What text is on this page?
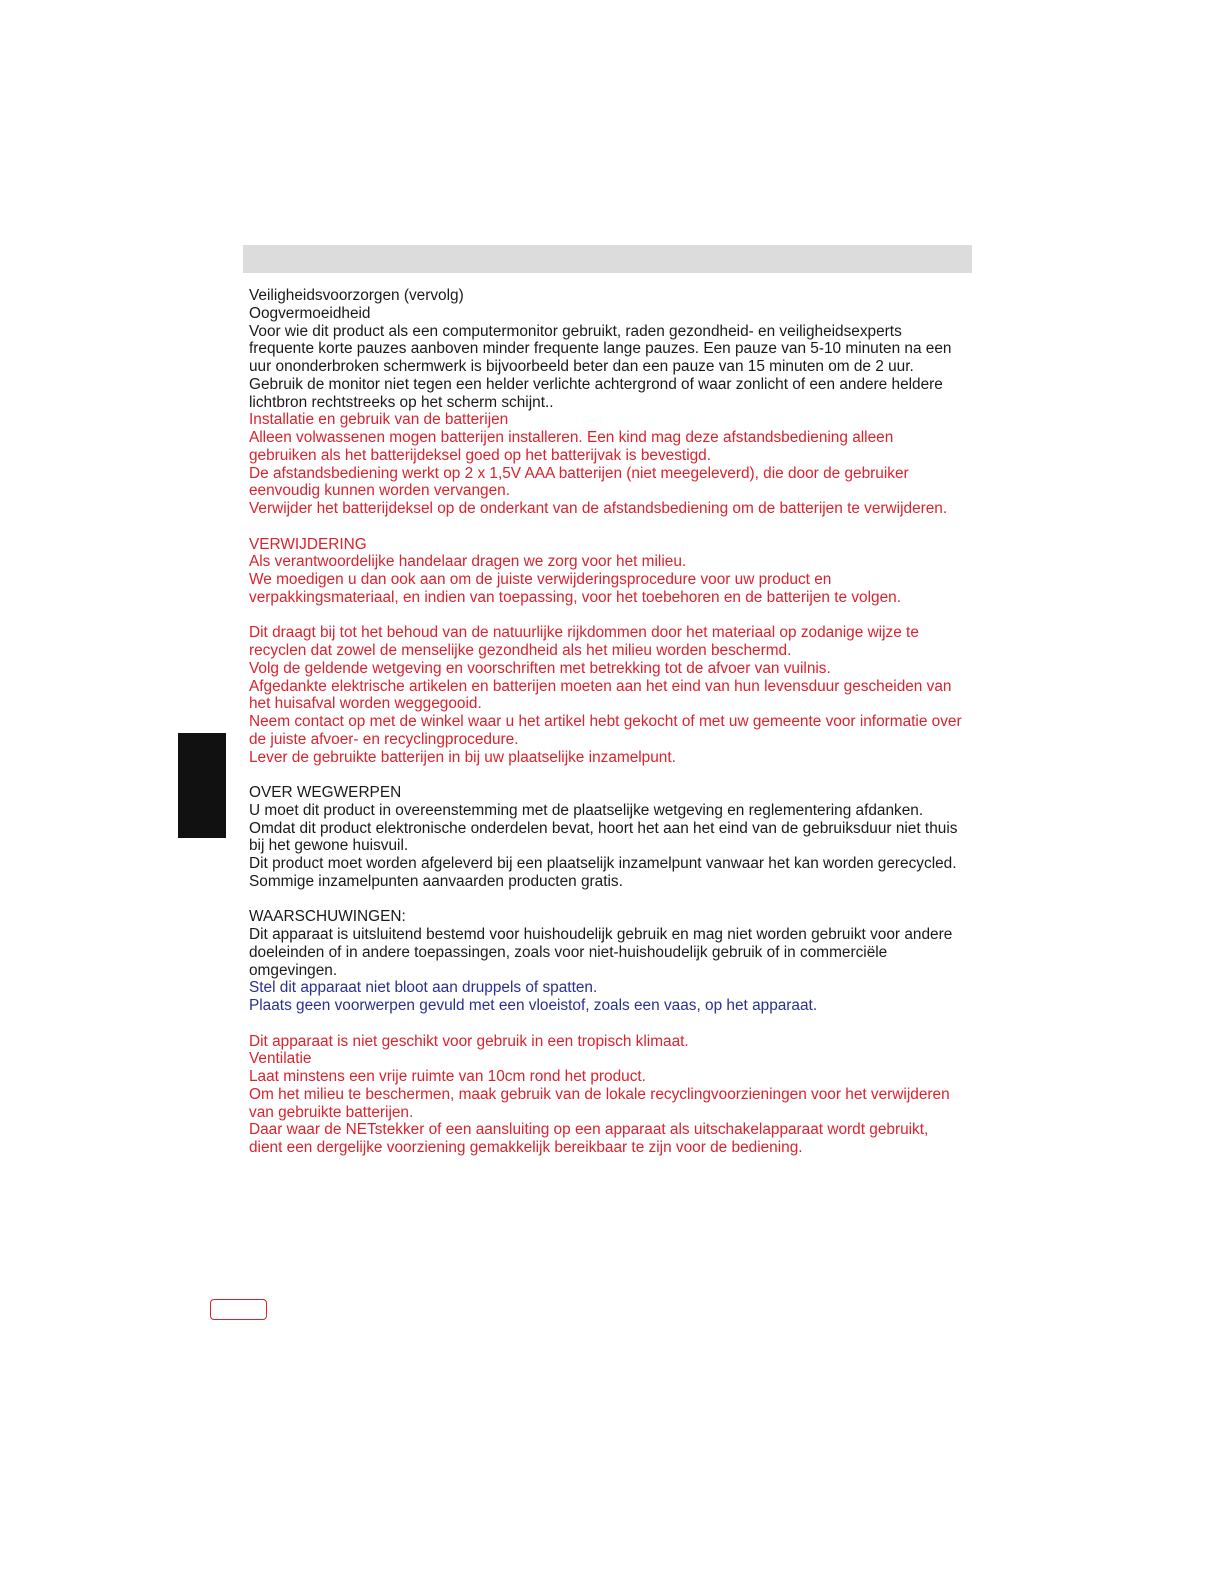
Veiligheidsvoorzorgen (vervolg)

Oogvermoeidheid

Voor wie dit product als een computermonitor gebruikt, raden gezondheid- en veiligheidsexperts frequente korte pauzes aanboven minder frequente lange pauzes. Een pauze van 5-10 minuten na een uur ononderbroken schermwerk is bijvoorbeeld beter dan een pauze van 15 minuten om de 2 uur. Gebruik de monitor niet tegen een helder verlichte achtergrond of waar zonlicht of een andere heldere lichtbron rechtstreeks op het scherm schijnt..

Installatie en gebruik van de batterijen

Alleen volwassenen mogen batterijen installeren. Een kind mag deze afstandsbediening alleen gebruiken als het batterijdeksel goed op het batterijvak is bevestigd.

De afstandsbediening werkt op 2 x 1,5V AAA batterijen (niet meegeleverd), die door de gebruiker eenvoudig kunnen worden vervangen.

Verwijder het batterijdeksel op de onderkant van de afstandsbediening om de batterijen te verwijderen.

VERWIJDERING

Als verantwoordelijke handelaar dragen we zorg voor het milieu.

We moedigen u dan ook aan om de juiste verwijderingsprocedure voor uw product en verpakkingsmateriaal, en indien van toepassing, voor het toebehoren en de batterijen te volgen.

Dit draagt bij tot het behoud van de natuurlijke rijkdommen door het materiaal op zodanige wijze te recyclen dat zowel de menselijke gezondheid als het milieu worden beschermd.

Volg de geldende wetgeving en voorschriften met betrekking tot de afvoer van vuilnis.

Afgedankte elektrische artikelen en batterijen moeten aan het eind van hun levensduur gescheiden van het huisafval worden weggegooid.

Neem contact op met de winkel waar u het artikel hebt gekocht of met uw gemeente voor informatie over de juiste afvoer- en recyclingprocedure.

Lever de gebruikte batterijen in bij uw plaatselijke inzamelpunt.

OVER WEGWERPEN

U moet dit product in overeenstemming met de plaatselijke wetgeving en reglementering afdanken.

Omdat dit product elektronische onderdelen bevat, hoort het aan het eind van de gebruiksduur niet thuis bij het gewone huisvuil.

Dit product moet worden afgeleverd bij een plaatselijk inzamelpunt vanwaar het kan worden gerecycled.

Sommige inzamelpunten aanvaarden producten gratis.

WAARSCHUWINGEN:

Dit apparaat is uitsluitend bestemd voor huishoudelijk gebruik en mag niet worden gebruikt voor andere doeleinden of in andere toepassingen, zoals voor niet-huishoudelijk gebruik of in commerciële omgevingen.

Stel dit apparaat niet bloot aan druppels of spatten.

Plaats geen voorwerpen gevuld met een vloeistof, zoals een vaas, op het apparaat.

Dit apparaat is niet geschikt voor gebruik in een tropisch klimaat.

Ventilatie

Laat minstens een vrije ruimte van 10cm rond het product.

Om het milieu te beschermen, maak gebruik van de lokale recyclingvoorzieningen voor het verwijderen van gebruikte batterijen.

Daar waar de NETstekker of een aansluiting op een apparaat als uitschakelapparaat wordt gebruikt, dient een dergelijke voorziening gemakkelijk bereikbaar te zijn voor de bediening.
